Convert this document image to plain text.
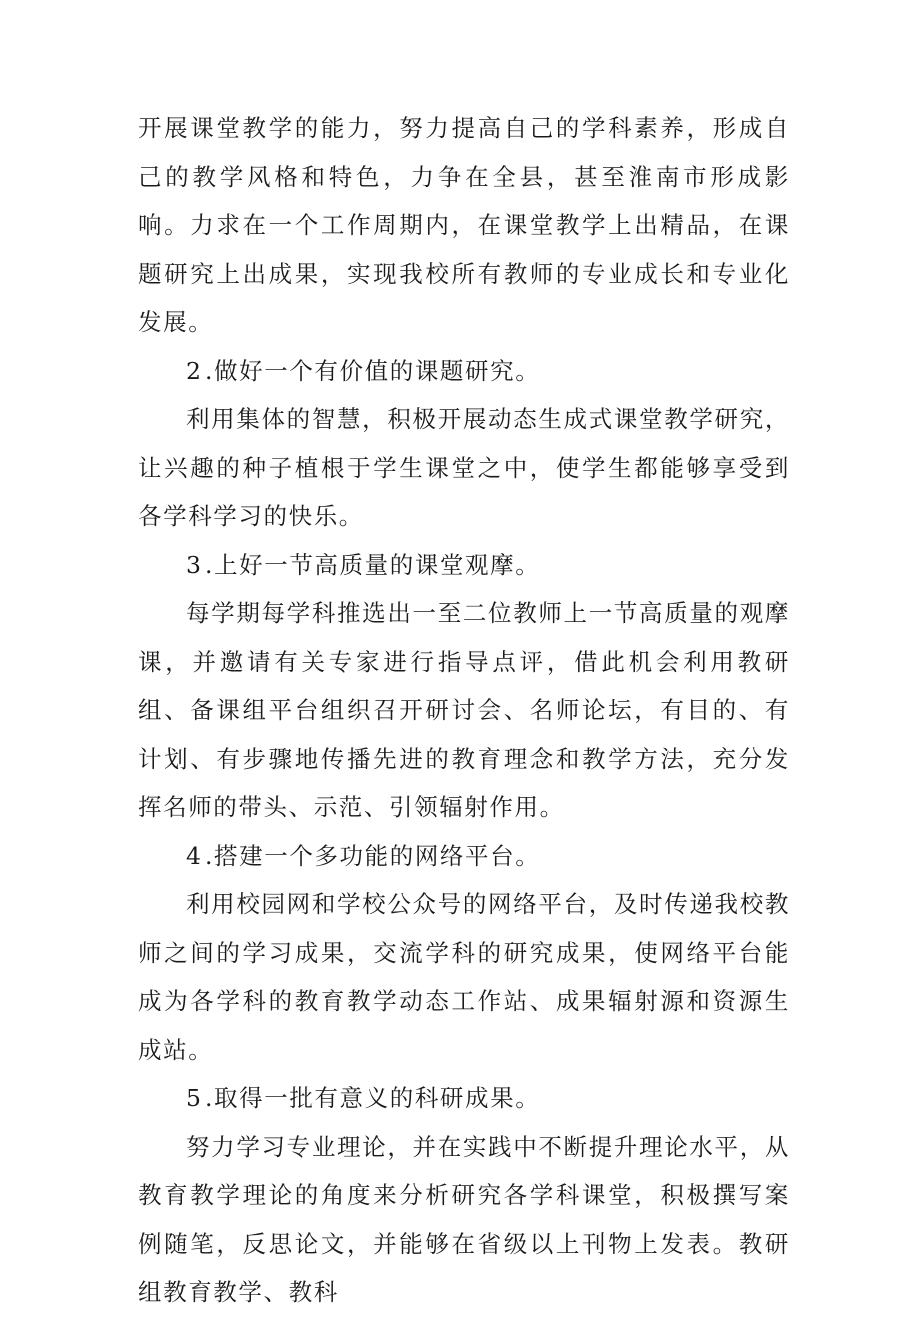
开展课堂教学的能力，努力提高自己的学科素养，形成自己的教学风格和特色，力争在全县，甚至淮南市形成影响。力求在一个工作周期内，在课堂教学上出精品，在课题研究上出成果，实现我校所有教师的专业成长和专业化发展。

2.做好一个有价值的课题研究。

利用集体的智慧，积极开展动态生成式课堂教学研究，让兴趣的种子植根于学生课堂之中，使学生都能够享受到各学科学习的快乐。

3.上好一节高质量的课堂观摩。

每学期每学科推选出一至二位教师上一节高质量的观摩课，并邀请有关专家进行指导点评，借此机会利用教研组、备课组平台组织召开研讨会、名师论坛，有目的、有计划、有步骤地传播先进的教育理念和教学方法，充分发挥名师的带头、示范、引领辐射作用。

4.搭建一个多功能的网络平台。

利用校园网和学校公众号的网络平台，及时传递我校教师之间的学习成果，交流学科的研究成果，使网络平台能成为各学科的教育教学动态工作站、成果辐射源和资源生成站。

5.取得一批有意义的科研成果。

努力学习专业理论，并在实践中不断提升理论水平，从教育教学理论的角度来分析研究各学科课堂，积极撰写案例随笔，反思论文，并能够在省级以上刊物上发表。教研组教育教学、教科
